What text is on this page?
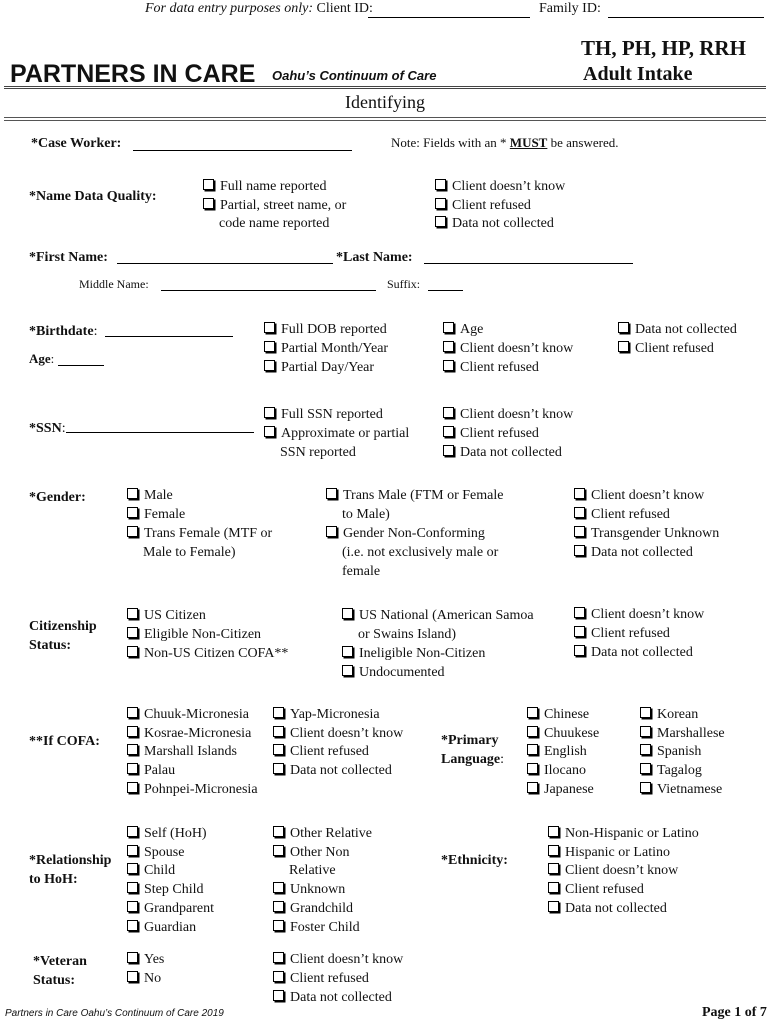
For data entry purposes only: Client ID:	Family ID:
PARTNERS IN CARE Oahu’s Continuum of Care
TH, PH, HP, RRH
Adult Intake
Identifying
*Case Worker:	Note: Fields with an * MUST be answered.
*Name Data Quality:
Full name reported
Partial, street name, or
code name reported
Client doesn’t know
Client refused
Data not collected
*First Name:	*Last Name:
Middle Name:	Suffix:
*Birthdate:
Age:
Full DOB reported
Partial Month/Year
Partial Day/Year
Age
Client doesn’t know
Client refused
Data not collected
Client refused
*SSN:
Full SSN reported
Approximate or partial
SSN reported
Client doesn’t know
Client refused
Data not collected
*Gender:	Male
Female
Trans Female (MTF or
Male to Female)
Trans Male (FTM or Female
to Male)
Gender Non-Conforming
(i.e. not exclusively male or
female
Client doesn’t know
Client refused
Transgender Unknown
Data not collected
Citizenship
Status:
US Citizen
Eligible Non-Citizen
Non-US Citizen COFA**
US National (American Samoa
or Swains Island)
Ineligible Non-Citizen
Undocumented
Client doesn’t know
Client refused
Data not collected
**If COFA:
Chuuk-Micronesia
Kosrae-Micronesia
Marshall Islands
Palau
Pohnpei-Micronesia
Yap-Micronesia
Client doesn’t know
Client refused
Data not collected
*Primary
Language:
Chinese
Chuukese
English
Ilocano
Japanese
Korean
Marshallese
Spanish
Tagalog
Vietnamese
*Relationship
to HoH:
Self (HoH)
Spouse
Child
Step Child
Grandparent
Guardian
Other Relative
Other Non
Relative
Unknown
Grandchild
Foster Child
*Ethnicity:
Non-Hispanic or Latino
Hispanic or Latino
Client doesn’t know
Client refused
Data not collected
*Veteran
Status:
Yes
No
Client doesn’t know
Client refused
Data not collected
Partners in Care Oahu’s Continuum of Care 2019	Page 1 of 7
